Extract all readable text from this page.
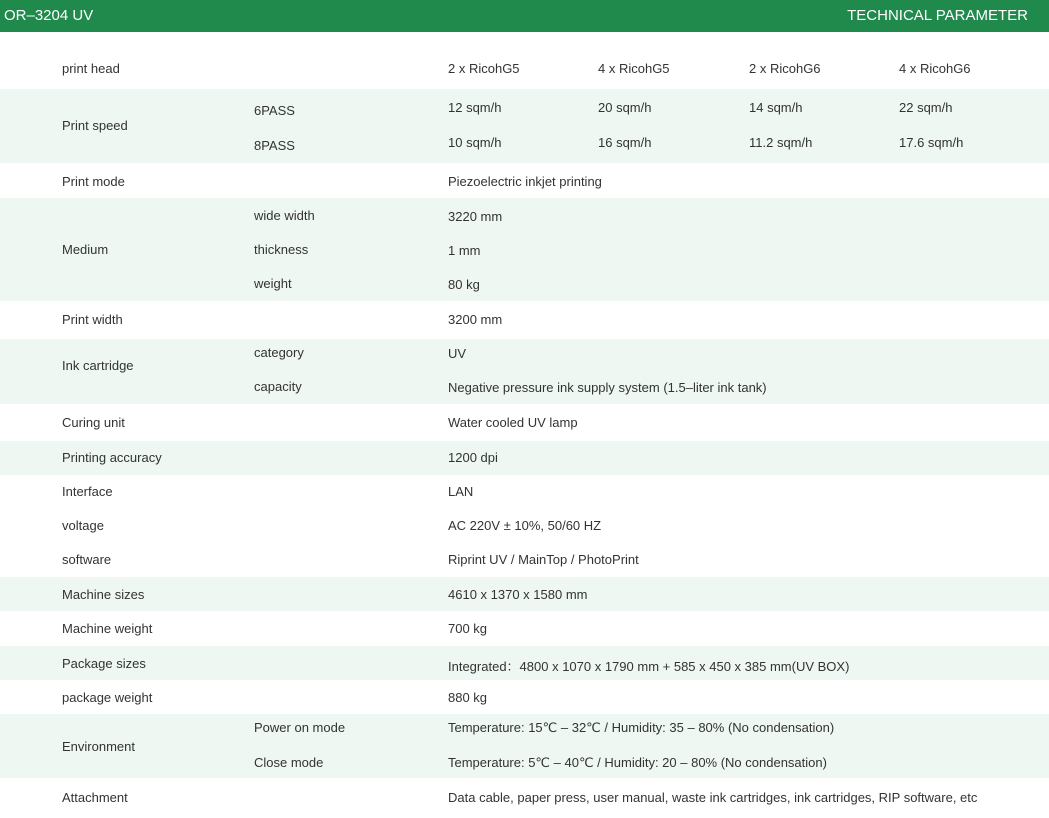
OR–3204 UV	TECHNICAL PARAMETER
print head	2 x RicohG5	4 x RicohG5	2 x RicohG6	4 x RicohG6
Print speed
6PASS	12 sqm/h	20 sqm/h	14 sqm/h	22 sqm/h
8PASS	10 sqm/h	16 sqm/h	11.2 sqm/h	17.6 sqm/h
Print mode	Piezoelectric inkjet printing
Medium
wide width	3220 mm
thickness	1 mm
weight	80 kg
Print width	3200 mm
Ink cartridge
category	UV
capacity	Negative pressure ink supply system (1.5–liter ink tank)
Curing unit	Water cooled UV lamp
Printing accuracy	1200 dpi
Interface	LAN
voltage	AC 220V ± 10%, 50/60 HZ
software	Riprint UV / MainTop / PhotoPrint
Machine sizes	4610 x 1370 x 1580 mm
Machine weight	700 kg
Package sizes	Integrated：4800 x 1070 x 1790 mm + 585 x 450 x 385 mm(UV BOX)
package weight	880 kg
Environment
Power on mode	Temperature: 15℃ – 32℃ / Humidity: 35 – 80% (No condensation)
Close mode	Temperature: 5℃ – 40℃ / Humidity: 20 – 80% (No condensation)
Attachment	Data cable, paper press, user manual, waste ink cartridges, ink cartridges, RIP software, etc
